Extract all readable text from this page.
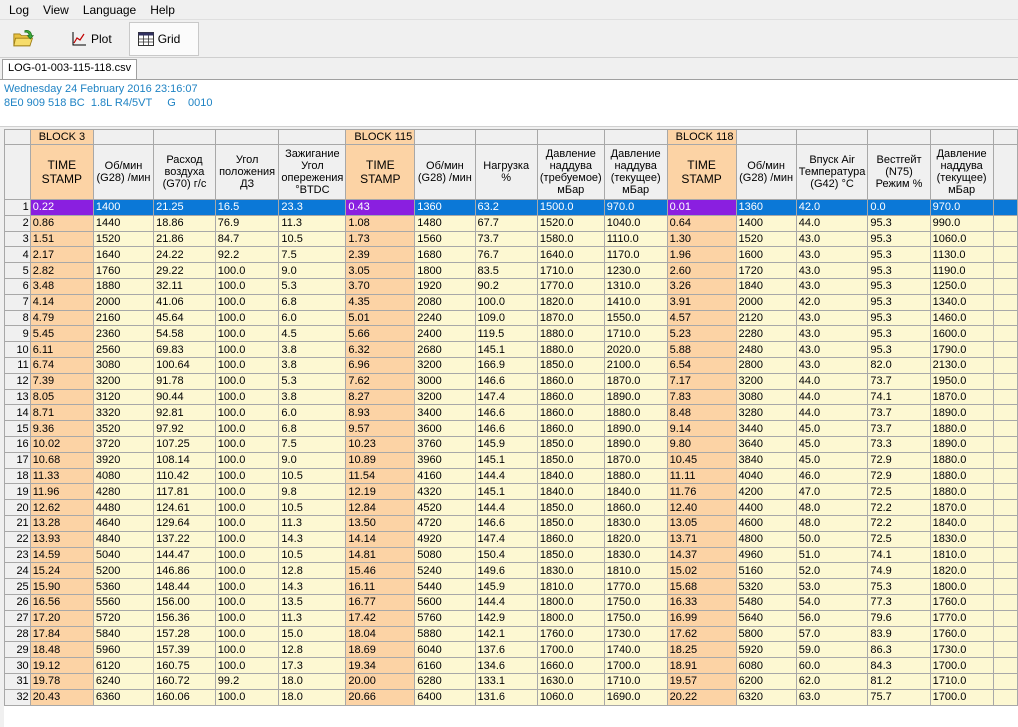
Log	View	Language	Help
Plot	Grid
LOG-01-003-115-118.csv
Wednesday 24 February 2016 23:16:07
8E0 909 518 BC  1.8L R4/5VT     G    0010
	BLOCK 3					BLOCK 115					BLOCK 118					
	TIME STAMP	Об/мин (G28) /мин	Расход воздуха (G70) г/с	Угол положения ДЗ	Зажигание Угол опережения °BTDC	TIME STAMP	Об/мин (G28) /мин	Нагрузка %	Давление наддува (требуемое) мБар	Давление наддува (текущее) мБар	TIME STAMP	Об/мин (G28) /мин	Впуск Air Температура (G42) °C	Вестгейт (N75) Режим %	Давление наддува (текущее) мБар	
1	0.22	1400	21.25	16.5	23.3	0.43	1360	63.2	1500.0	970.0	0.01	1360	42.0	0.0	970.0	
2	0.86	1440	18.86	76.9	11.3	1.08	1480	67.7	1520.0	1040.0	0.64	1400	44.0	95.3	990.0	
3	1.51	1520	21.86	84.7	10.5	1.73	1560	73.7	1580.0	1110.0	1.30	1520	43.0	95.3	1060.0	
4	2.17	1640	24.22	92.2	7.5	2.39	1680	76.7	1640.0	1170.0	1.96	1600	43.0	95.3	1130.0	
5	2.82	1760	29.22	100.0	9.0	3.05	1800	83.5	1710.0	1230.0	2.60	1720	43.0	95.3	1190.0	
6	3.48	1880	32.11	100.0	5.3	3.70	1920	90.2	1770.0	1310.0	3.26	1840	43.0	95.3	1250.0	
7	4.14	2000	41.06	100.0	6.8	4.35	2080	100.0	1820.0	1410.0	3.91	2000	42.0	95.3	1340.0	
8	4.79	2160	45.64	100.0	6.0	5.01	2240	109.0	1870.0	1550.0	4.57	2120	43.0	95.3	1460.0	
9	5.45	2360	54.58	100.0	4.5	5.66	2400	119.5	1880.0	1710.0	5.23	2280	43.0	95.3	1600.0	
10	6.11	2560	69.83	100.0	3.8	6.32	2680	145.1	1880.0	2020.0	5.88	2480	43.0	95.3	1790.0	
11	6.74	3080	100.64	100.0	3.8	6.96	3200	166.9	1850.0	2100.0	6.54	2800	43.0	82.0	2130.0	
12	7.39	3200	91.78	100.0	5.3	7.62	3000	146.6	1860.0	1870.0	7.17	3200	44.0	73.7	1950.0	
13	8.05	3120	90.44	100.0	3.8	8.27	3200	147.4	1860.0	1890.0	7.83	3080	44.0	74.1	1870.0	
14	8.71	3320	92.81	100.0	6.0	8.93	3400	146.6	1860.0	1880.0	8.48	3280	44.0	73.7	1890.0	
15	9.36	3520	97.92	100.0	6.8	9.57	3600	146.6	1860.0	1890.0	9.14	3440	45.0	73.7	1880.0	
16	10.02	3720	107.25	100.0	7.5	10.23	3760	145.9	1850.0	1890.0	9.80	3640	45.0	73.3	1890.0	
17	10.68	3920	108.14	100.0	9.0	10.89	3960	145.1	1850.0	1870.0	10.45	3840	45.0	72.9	1880.0	
18	11.33	4080	110.42	100.0	10.5	11.54	4160	144.4	1840.0	1880.0	11.11	4040	46.0	72.9	1880.0	
19	11.96	4280	117.81	100.0	9.8	12.19	4320	145.1	1840.0	1840.0	11.76	4200	47.0	72.5	1880.0	
20	12.62	4480	124.61	100.0	10.5	12.84	4520	144.4	1850.0	1860.0	12.40	4400	48.0	72.2	1870.0	
21	13.28	4640	129.64	100.0	11.3	13.50	4720	146.6	1850.0	1830.0	13.05	4600	48.0	72.2	1840.0	
22	13.93	4840	137.22	100.0	14.3	14.14	4920	147.4	1860.0	1820.0	13.71	4800	50.0	72.5	1830.0	
23	14.59	5040	144.47	100.0	10.5	14.81	5080	150.4	1850.0	1830.0	14.37	4960	51.0	74.1	1810.0	
24	15.24	5200	146.86	100.0	12.8	15.46	5240	149.6	1830.0	1810.0	15.02	5160	52.0	74.9	1820.0	
25	15.90	5360	148.44	100.0	14.3	16.11	5440	145.9	1810.0	1770.0	15.68	5320	53.0	75.3	1800.0	
26	16.56	5560	156.00	100.0	13.5	16.77	5600	144.4	1800.0	1750.0	16.33	5480	54.0	77.3	1760.0	
27	17.20	5720	156.36	100.0	11.3	17.42	5760	142.9	1800.0	1750.0	16.99	5640	56.0	79.6	1770.0	
28	17.84	5840	157.28	100.0	15.0	18.04	5880	142.1	1760.0	1730.0	17.62	5800	57.0	83.9	1760.0	
29	18.48	5960	157.39	100.0	12.8	18.69	6040	137.6	1700.0	1740.0	18.25	5920	59.0	86.3	1730.0	
30	19.12	6120	160.75	100.0	17.3	19.34	6160	134.6	1660.0	1700.0	18.91	6080	60.0	84.3	1700.0	
31	19.78	6240	160.72	99.2	18.0	20.00	6280	133.1	1630.0	1710.0	19.57	6200	62.0	81.2	1710.0	
32	20.43	6360	160.06	100.0	18.0	20.66	6400	131.6	1060.0	1690.0	20.22	6320	63.0	75.7	1700.0	
